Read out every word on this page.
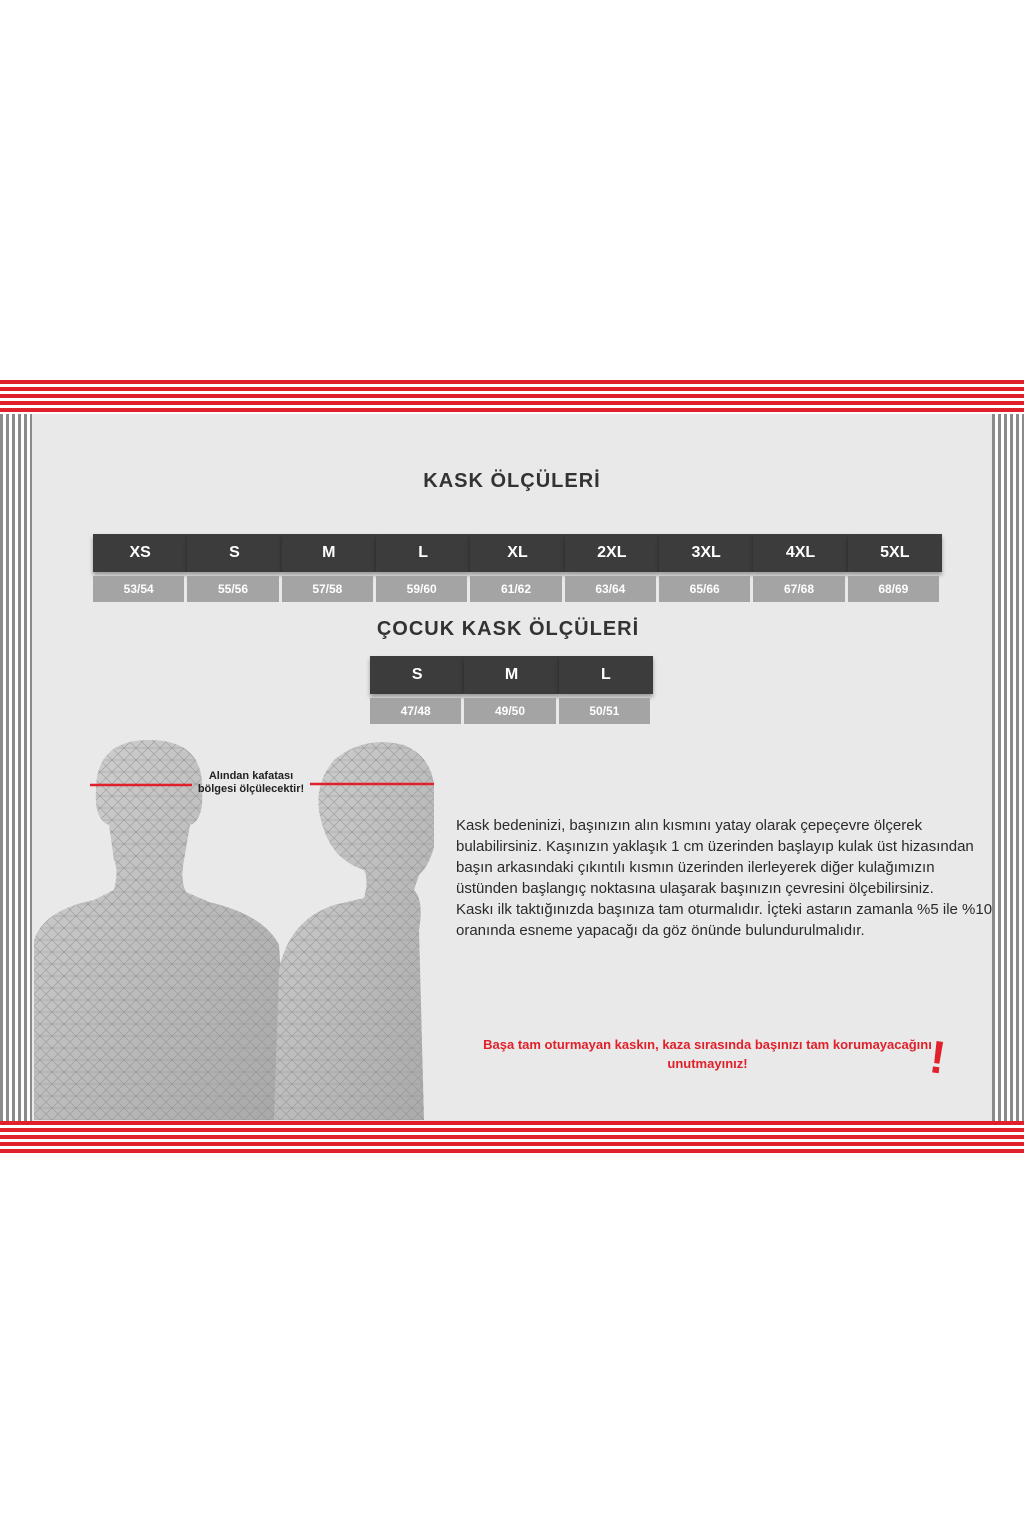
KASK ÖLÇÜLERİ
XS	S	M	L	XL	2XL	3XL	4XL	5XL
53/54	55/56	57/58	59/60	61/62	63/64	65/66	67/68	68/69
ÇOCUK KASK ÖLÇÜLERİ
S	M	L
47/48	49/50	50/51
Alından kafatası bölgesi ölçülecektir!

Kask bedeninizi, başınızın alın kısmını yatay olarak çepeçevre ölçerek bulabilirsiniz. Kaşınızın yaklaşık 1 cm üzerinden başlayıp kulak üst hizasından başın arkasındaki çıkıntılı kısmın üzerinden ilerleyerek diğer kulağımızın üstünden başlangıç noktasına ulaşarak başınızın çevresini ölçebilirsiniz.

Kaskı ilk taktığınızda başınıza tam oturmalıdır. İçteki astarın zamanla %5 ile %10 oranında esneme yapacağı da göz önünde bulundurulmalıdır.

Başa tam oturmayan kaskın, kaza sırasında başınızı tam korumayacağını unutmayınız!	!
